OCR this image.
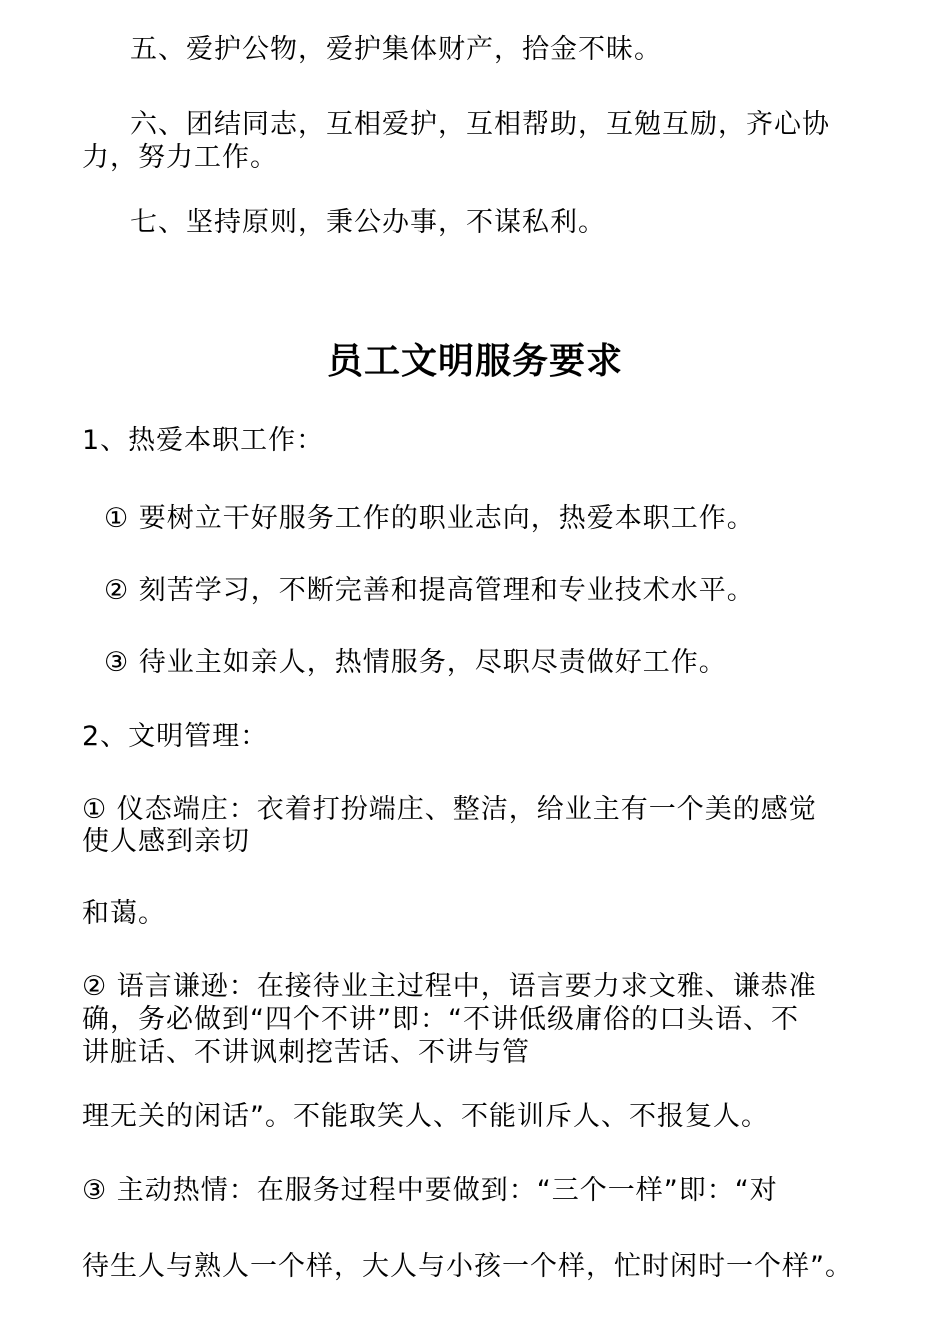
五、爱护公物，爱护集体财产，拾金不昧。
六、团结同志，互相爱护，互相帮助，互勉互励，齐心协
力，努力工作。
七、坚持原则，秉公办事，不谋私利。
员工文明服务要求
1、热爱本职工作：
① 要树立干好服务工作的职业志向，热爱本职工作。
② 刻苦学习，不断完善和提高管理和专业技术水平。
③ 待业主如亲人，热情服务，尽职尽责做好工作。
2、文明管理：
① 仪态端庄：衣着打扮端庄、整洁，给业主有一个美的感觉
使人感到亲切
和蔼。
② 语言谦逊：在接待业主过程中，语言要力求文雅、谦恭准
确，务必做到“四个不讲”即：“不讲低级庸俗的口头语、不
讲脏话、不讲讽刺挖苦话、不讲与管
理无关的闲话”。不能取笑人、不能训斥人、不报复人。
③ 主动热情：在服务过程中要做到：“三个一样”即：“对
待生人与熟人一个样，大人与小孩一个样，忙时闲时一个样”。
